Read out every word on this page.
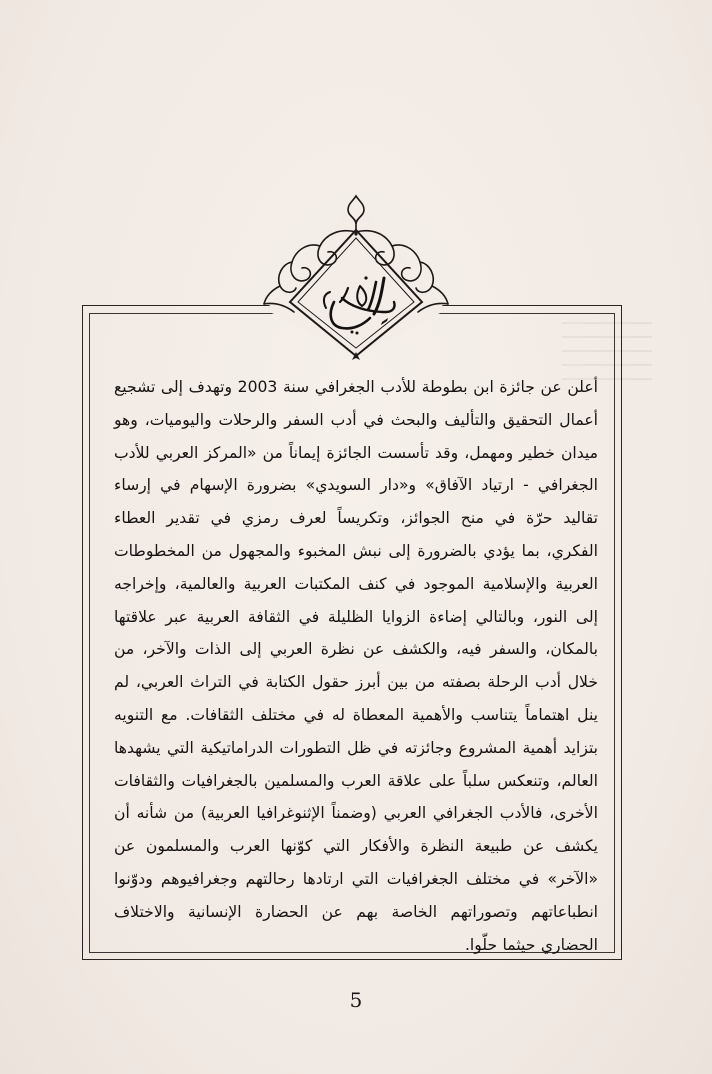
أعلن عن جائزة ابن بطوطة للأدب الجغرافي سنة 2003 وتهدف إلى تشجيع أعمال التحقيق والتأليف والبحث في أدب السفر والرحلات واليوميات، وهو ميدان خطير ومهمل، وقد تأسست الجائزة إيماناً من «المركز العربي للأدب الجغرافي - ارتياد الآفاق» و«دار السويدي» بضرورة الإسهام في إرساء تقاليد حرّة في منح الجوائز، وتكريساً لعرف رمزي في تقدير العطاء الفكري، بما يؤدي بالضرورة إلى نبش المخبوء والمجهول من المخطوطات العربية والإسلامية الموجود في كنف المكتبات العربية والعالمية، وإخراجه إلى النور، وبالتالي إضاءة الزوايا الظليلة في الثقافة العربية عبر علاقتها بالمكان، والسفر فيه، والكشف عن نظرة العربي إلى الذات والآخر، من خلال أدب الرحلة بصفته من بين أبرز حقول الكتابة في التراث العربي، لم ينل اهتماماً يتناسب والأهمية المعطاة له في مختلف الثقافات. مع التنويه بتزايد أهمية المشروع وجائزته في ظل التطورات الدراماتيكية التي يشهدها العالم، وتنعكس سلباً على علاقة العرب والمسلمين بالجغرافيات والثقافات الأخرى، فالأدب الجغرافي العربي (وضمناً الإثنوغرافيا العربية) من شأنه أن يكشف عن طبيعة النظرة والأفكار التي كوّنها العرب والمسلمون عن «الآخر» في مختلف الجغرافيات التي ارتادها رحالتهم وجغرافيوهم ودوّنوا انطباعاتهم وتصوراتهم الخاصة بهم عن الحضارة الإنسانية والاختلاف الحضاري حيثما حلّوا.

5
